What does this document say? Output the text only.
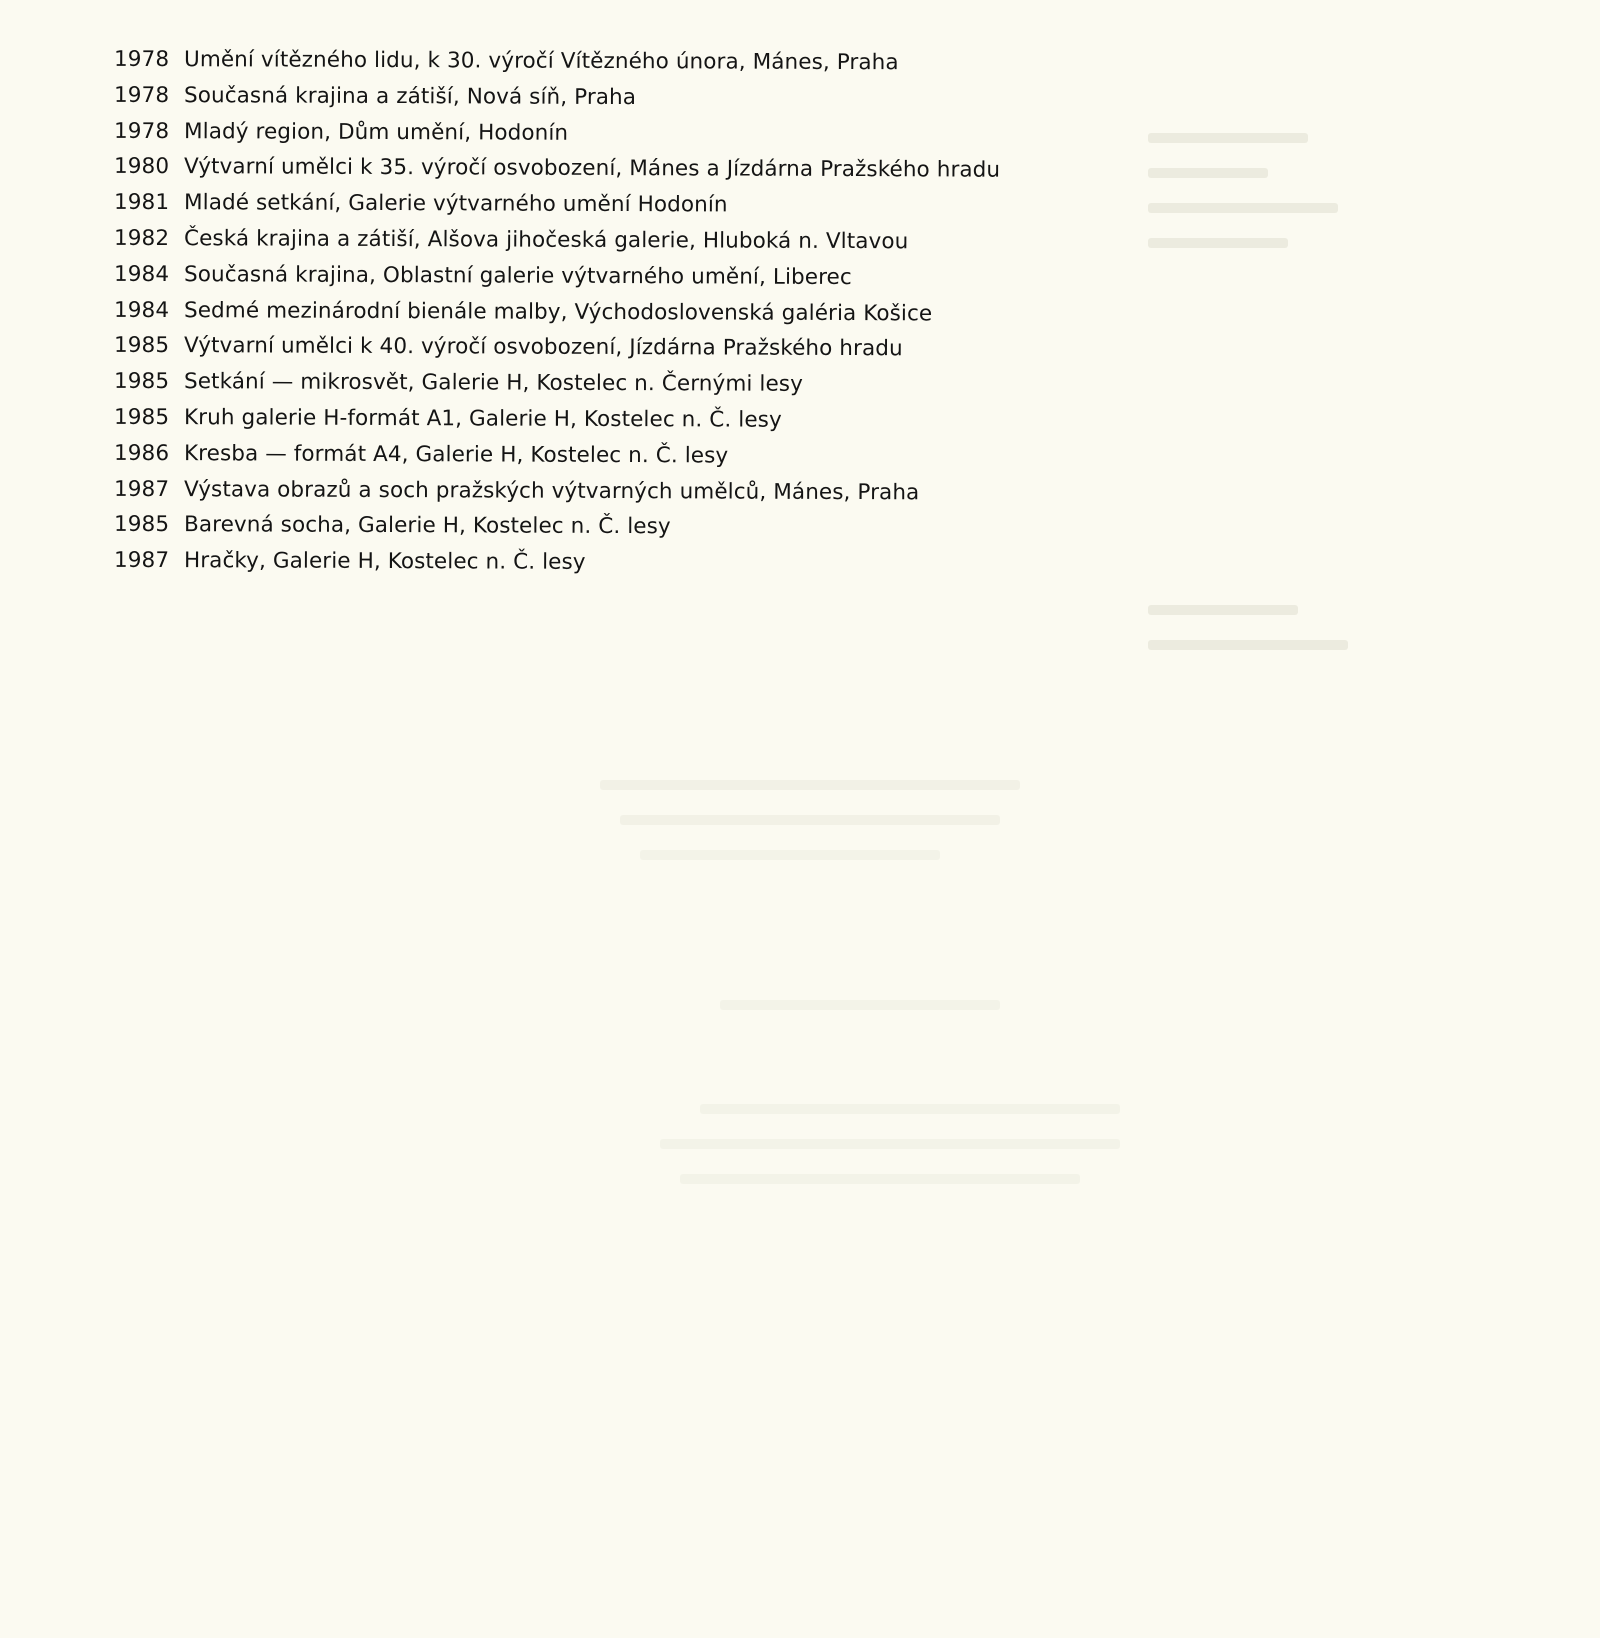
1978 Umění vítězného lidu, k 30. výročí Vítězného února, Mánes, Praha
1978 Současná krajina a zátiší, Nová síň, Praha
1978 Mladý region, Dům umění, Hodonín
1980 Výtvarní umělci k 35. výročí osvobození, Mánes a Jízdárna Pražského hradu
1981 Mladé setkání, Galerie výtvarného umění Hodonín
1982 Česká krajina a zátiší, Alšova jihočeská galerie, Hluboká n. Vltavou
1984 Současná krajina, Oblastní galerie výtvarného umění, Liberec
1984 Sedmé mezinárodní bienále malby, Východoslovenská galéria Košice
1985 Výtvarní umělci k 40. výročí osvobození, Jízdárna Pražského hradu
1985 Setkání — mikrosvět, Galerie H, Kostelec n. Černými lesy
1985 Kruh galerie H-formát A1, Galerie H, Kostelec n. Č. lesy
1986 Kresba — formát A4, Galerie H, Kostelec n. Č. lesy
1987 Výstava obrazů a soch pražských výtvarných umělců, Mánes, Praha
1985 Barevná socha, Galerie H, Kostelec n. Č. lesy
1987 Hračky, Galerie H, Kostelec n. Č. lesy
